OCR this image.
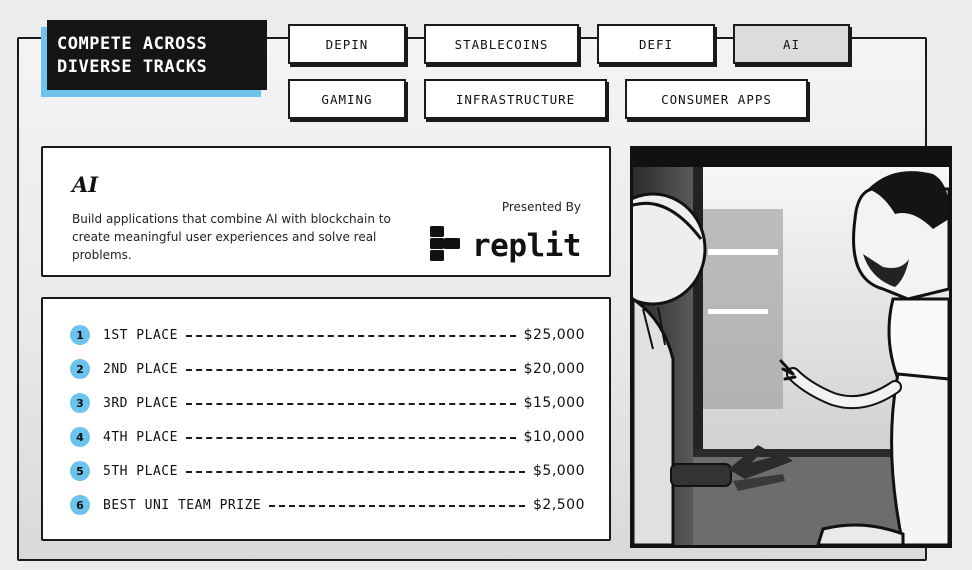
COMPETE ACROSS
DIVERSE TRACKS
DEPIN	STABLECOINS	DEFI	AI
GAMING	INFRASTRUCTURE	CONSUMER APPS
AI
Build applications that combine AI with blockchain to create meaningful user experiences and solve real problems.
Presented By
replit
1	1ST PLACE	$25,000
2	2ND PLACE	$20,000
3	3RD PLACE	$15,000
4	4TH PLACE	$10,000
5	5TH PLACE	$5,000
6	BEST UNI TEAM PRIZE	$2,500
